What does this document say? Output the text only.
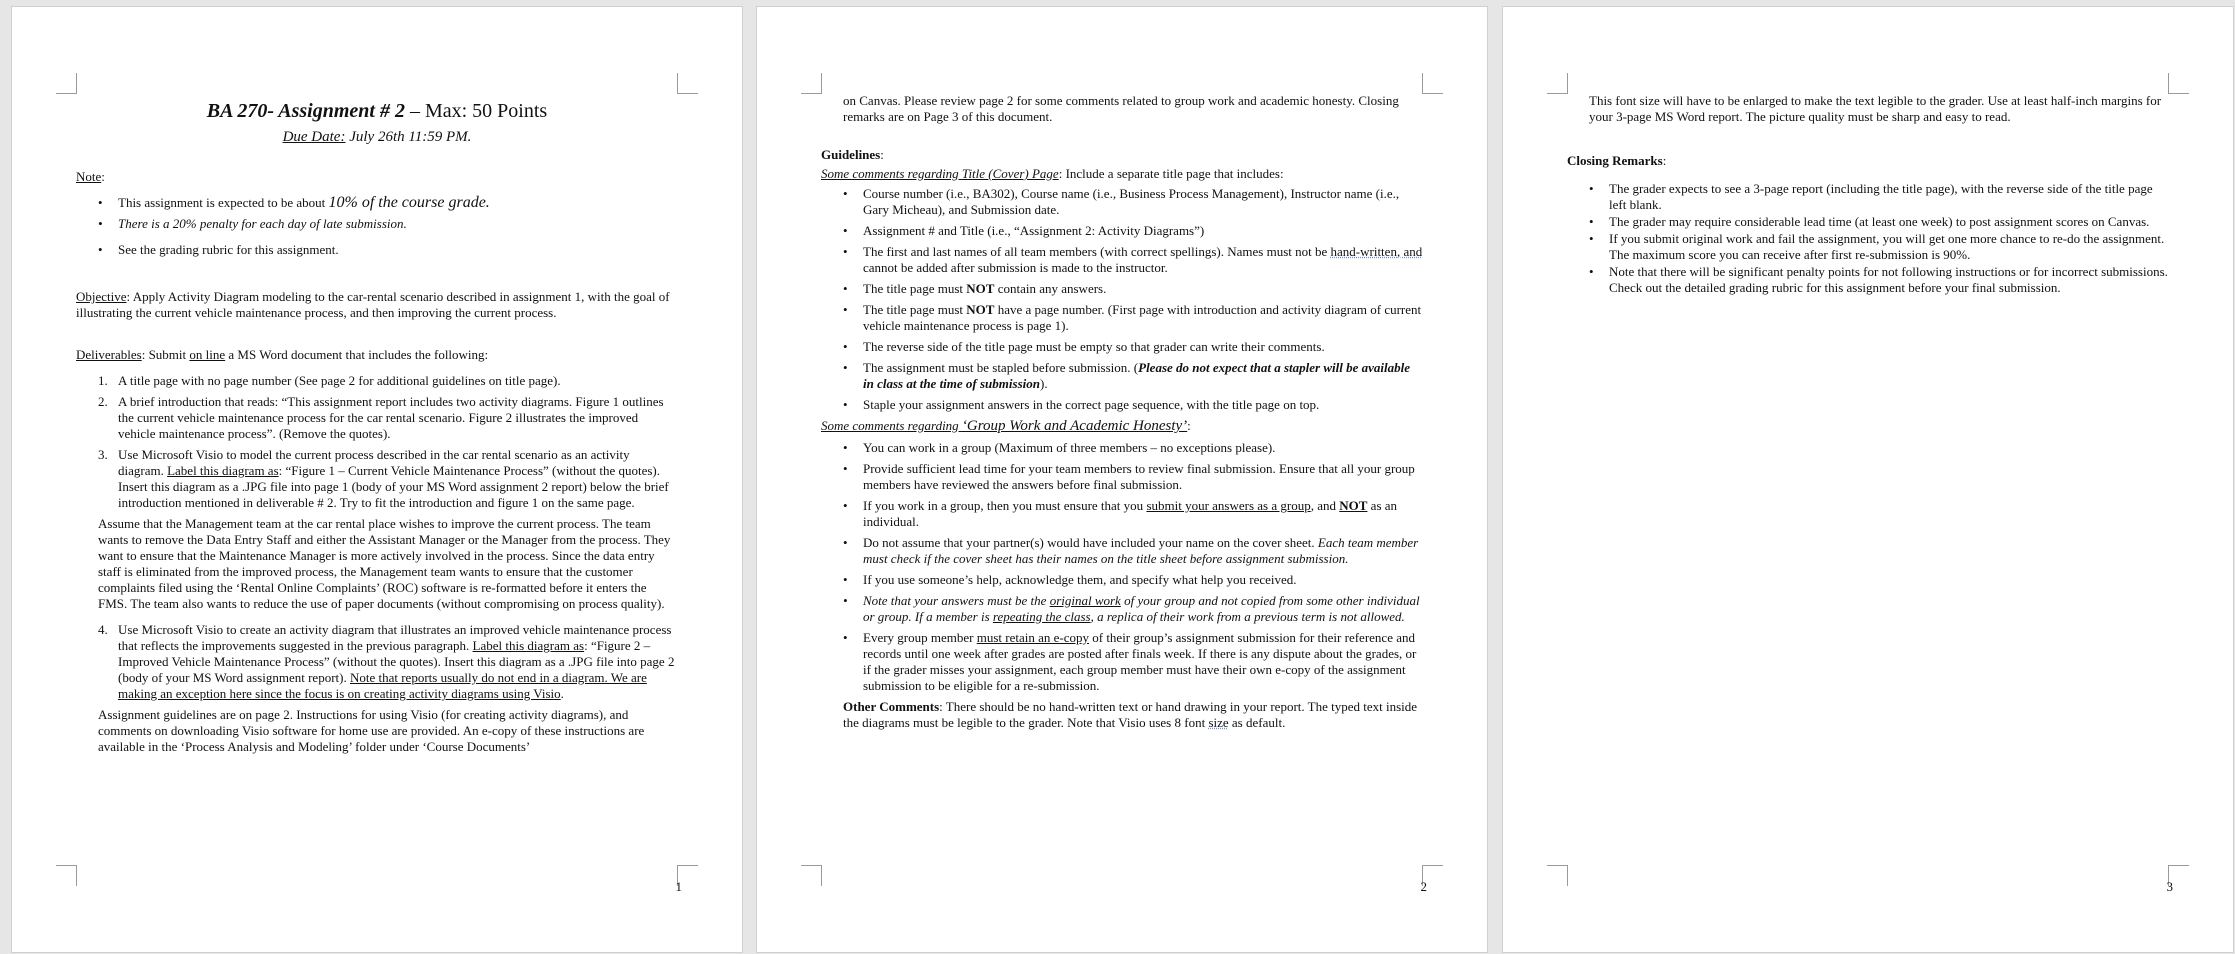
BA 270- Assignment # 2 – Max: 50 Points
Due Date: July 26th 11:59 PM.

Note:

• This assignment is expected to be about 10% of the course grade.
• There is a 20% penalty for each day of late submission.
• See the grading rubric for this assignment.

Objective: Apply Activity Diagram modeling to the car-rental scenario described in assignment 1, with the goal of illustrating the current vehicle maintenance process, and then improving the current process.

Deliverables: Submit on line a MS Word document that includes the following:

1. A title page with no page number (See page 2 for additional guidelines on title page).
2. A brief introduction that reads: “This assignment report includes two activity diagrams. Figure 1 outlines the current vehicle maintenance process for the car rental scenario. Figure 2 illustrates the improved vehicle maintenance process”. (Remove the quotes).
3. Use Microsoft Visio to model the current process described in the car rental scenario as an activity diagram. Label this diagram as: “Figure 1 – Current Vehicle Maintenance Process” (without the quotes). Insert this diagram as a .JPG file into page 1 (body of your MS Word assignment 2 report) below the brief introduction mentioned in deliverable # 2. Try to fit the introduction and figure 1 on the same page.

Assume that the Management team at the car rental place wishes to improve the current process. The team wants to remove the Data Entry Staff and either the Assistant Manager or the Manager from the process. They want to ensure that the Maintenance Manager is more actively involved in the process. Since the data entry staff is eliminated from the improved process, the Management team wants to ensure that the customer complaints filed using the ‘Rental Online Complaints’ (ROC) software is re-formatted before it enters the FMS. The team also wants to reduce the use of paper documents (without compromising on process quality).

4. Use Microsoft Visio to create an activity diagram that illustrates an improved vehicle maintenance process that reflects the improvements suggested in the previous paragraph. Label this diagram as: “Figure 2 – Improved Vehicle Maintenance Process” (without the quotes). Insert this diagram as a .JPG file into page 2 (body of your MS Word assignment report). Note that reports usually do not end in a diagram. We are making an exception here since the focus is on creating activity diagrams using Visio.

Assignment guidelines are on page 2. Instructions for using Visio (for creating activity diagrams), and comments on downloading Visio software for home use are provided. An e-copy of these instructions are available in the ‘Process Analysis and Modeling’ folder under ‘Course Documents’

1

on Canvas. Please review page 2 for some comments related to group work and academic honesty. Closing remarks are on Page 3 of this document.

Guidelines:

Some comments regarding Title (Cover) Page: Include a separate title page that includes:

• Course number (i.e., BA302), Course name (i.e., Business Process Management), Instructor name (i.e., Gary Micheau), and Submission date.
• Assignment # and Title (i.e., “Assignment 2: Activity Diagrams”)
• The first and last names of all team members (with correct spellings). Names must not be hand-written, and cannot be added after submission is made to the instructor.
• The title page must NOT contain any answers.
• The title page must NOT have a page number. (First page with introduction and activity diagram of current vehicle maintenance process is page 1).
• The reverse side of the title page must be empty so that grader can write their comments.
• The assignment must be stapled before submission. (Please do not expect that a stapler will be available in class at the time of submission).
• Staple your assignment answers in the correct page sequence, with the title page on top.

Some comments regarding ‘Group Work and Academic Honesty’:

• You can work in a group (Maximum of three members – no exceptions please).
• Provide sufficient lead time for your team members to review final submission. Ensure that all your group members have reviewed the answers before final submission.
• If you work in a group, then you must ensure that you submit your answers as a group, and NOT as an individual.
• Do not assume that your partner(s) would have included your name on the cover sheet. Each team member must check if the cover sheet has their names on the title sheet before assignment submission.
• If you use someone’s help, acknowledge them, and specify what help you received.
• Note that your answers must be the original work of your group and not copied from some other individual or group. If a member is repeating the class, a replica of their work from a previous term is not allowed.
• Every group member must retain an e-copy of their group’s assignment submission for their reference and records until one week after grades are posted after finals week. If there is any dispute about the grades, or if the grader misses your assignment, each group member must have their own e-copy of the assignment submission to be eligible for a re-submission.

Other Comments: There should be no hand-written text or hand drawing in your report. The typed text inside the diagrams must be legible to the grader. Note that Visio uses 8 font size as default.

2

This font size will have to be enlarged to make the text legible to the grader. Use at least half-inch margins for your 3-page MS Word report. The picture quality must be sharp and easy to read.

Closing Remarks:

• The grader expects to see a 3-page report (including the title page), with the reverse side of the title page left blank.
• The grader may require considerable lead time (at least one week) to post assignment scores on Canvas.
• If you submit original work and fail the assignment, you will get one more chance to re-do the assignment. The maximum score you can receive after first re-submission is 90%.
• Note that there will be significant penalty points for not following instructions or for incorrect submissions. Check out the detailed grading rubric for this assignment before your final submission.
3
